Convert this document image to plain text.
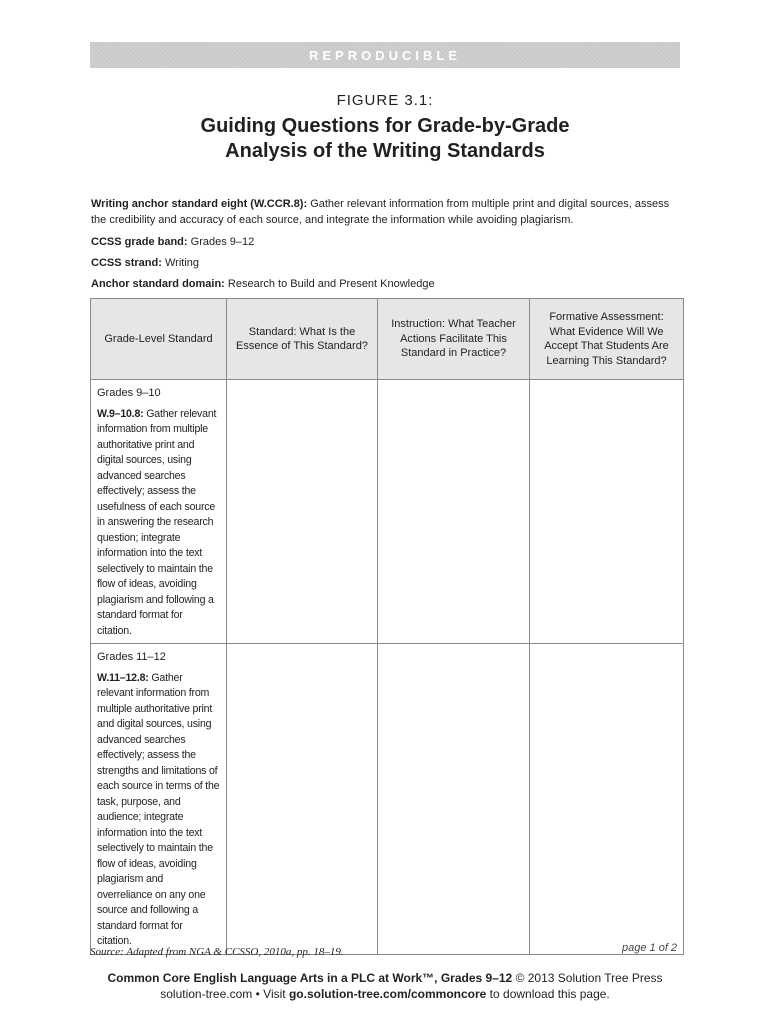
REPRODUCIBLE
FIGURE 3.1:
Guiding Questions for Grade-by-Grade
Analysis of the Writing Standards
Writing anchor standard eight (W.CCR.8): Gather relevant information from multiple print and digital sources, assess the credibility and accuracy of each source, and integrate the information while avoiding plagiarism.
CCSS grade band: Grades 9–12
CCSS strand: Writing
Anchor standard domain: Research to Build and Present Knowledge
Grade-Level Standard	Standard: What Is the Essence of This Standard?	Instruction: What Teacher Actions Facilitate This Standard in Practice?	Formative Assessment: What Evidence Will We Accept That Students Are Learning This Standard?

Grades 9–10
W.9–10.8: Gather relevant information from multiple authoritative print and digital sources, using advanced searches effectively; assess the usefulness of each source in answering the research question; integrate information into the text selectively to maintain the flow of ideas, avoiding plagiarism and following a standard format for citation.			

Grades 11–12
W.11–12.8: Gather relevant information from multiple authoritative print and digital sources, using advanced searches effectively; assess the strengths and limitations of each source in terms of the task, purpose, and audience; integrate information into the text selectively to maintain the flow of ideas, avoiding plagiarism and overreliance on any one source and following a standard format for citation.			

Source: Adapted from NGA & CCSSO, 2010a, pp. 18–19.	page 1 of 2
Common Core English Language Arts in a PLC at Work™, Grades 9–12 © 2013 Solution Tree Press
solution-tree.com • Visit go.solution-tree.com/commoncore to download this page.
